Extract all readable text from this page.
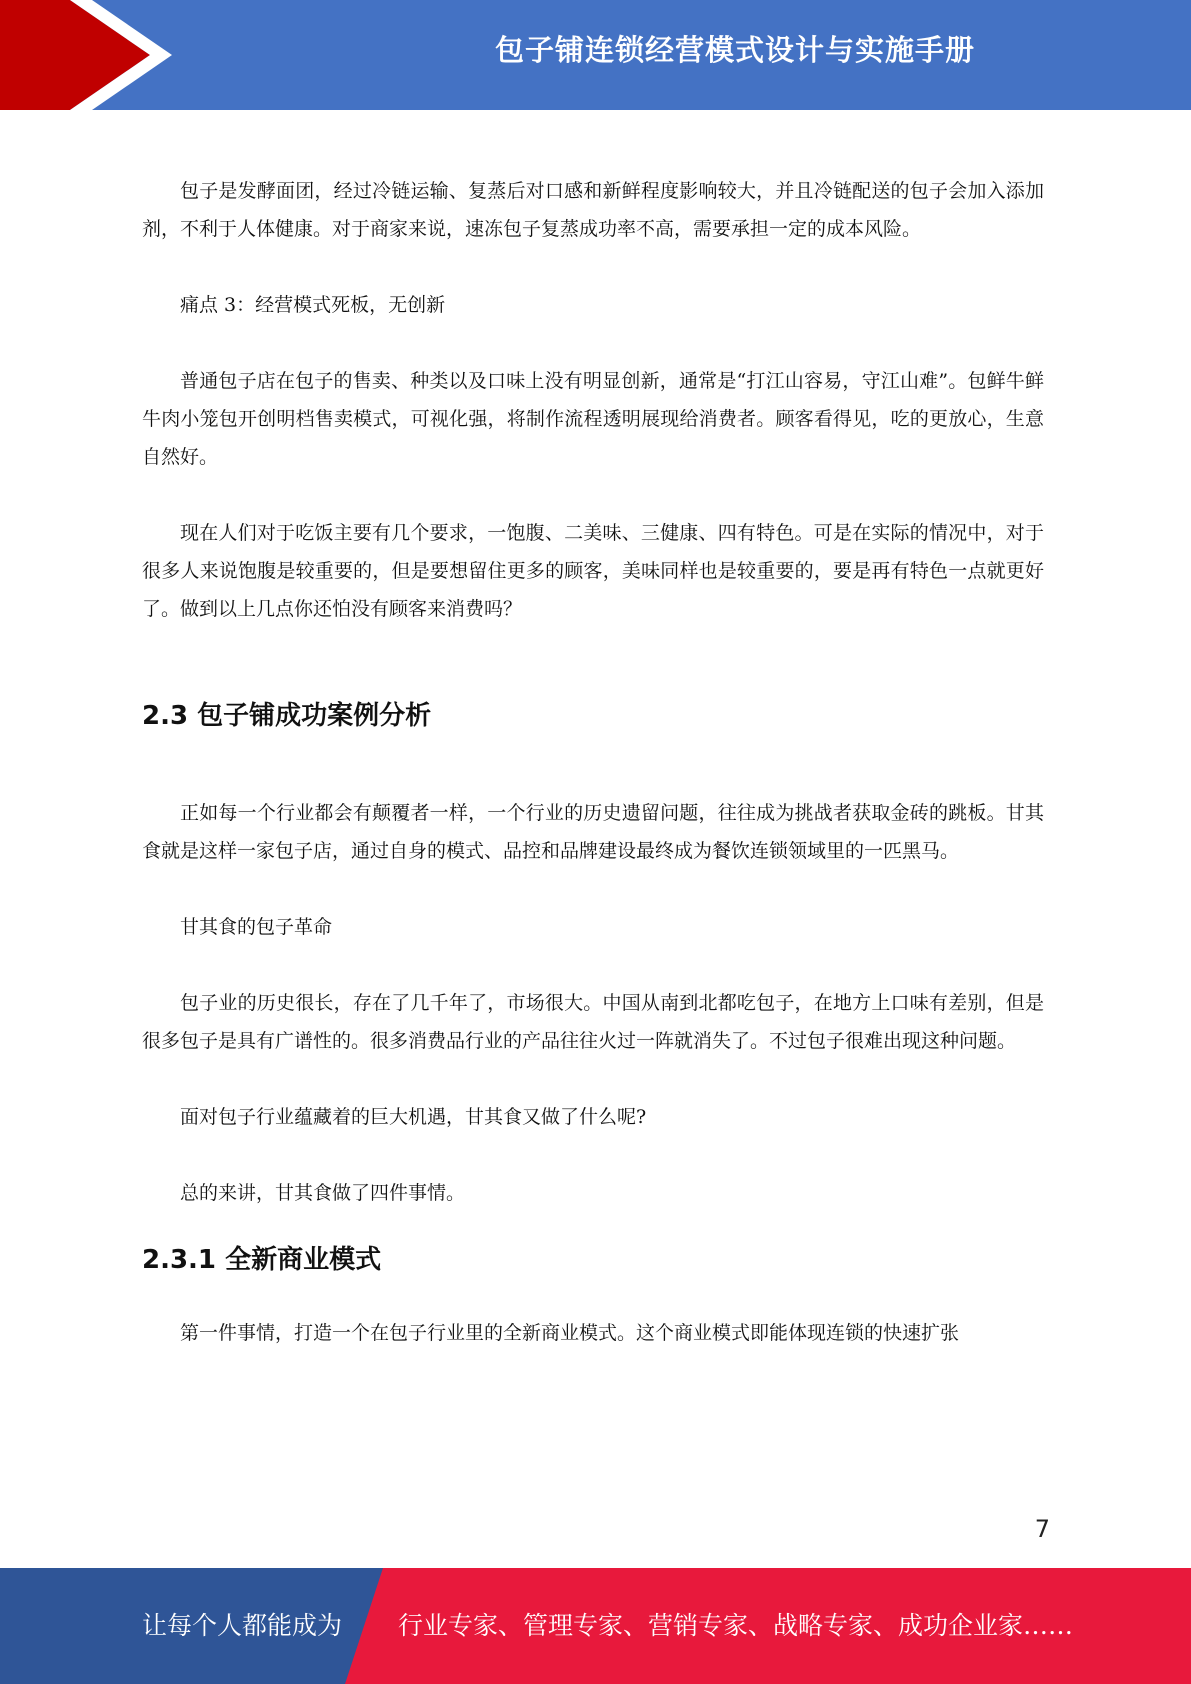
包子铺连锁经营模式设计与实施手册

包子是发酵面团，经过冷链运输、复蒸后对口感和新鲜程度影响较大，并且冷链配送的包子会加入添加剂，不利于人体健康。对于商家来说，速冻包子复蒸成功率不高，需要承担一定的成本风险。

痛点 3：经营模式死板，无创新

普通包子店在包子的售卖、种类以及口味上没有明显创新，通常是“打江山容易，守江山难”。包鲜牛鲜牛肉小笼包开创明档售卖模式，可视化强，将制作流程透明展现给消费者。顾客看得见，吃的更放心，生意自然好。

现在人们对于吃饭主要有几个要求，一饱腹、二美味、三健康、四有特色。可是在实际的情况中，对于很多人来说饱腹是较重要的，但是要想留住更多的顾客，美味同样也是较重要的，要是再有特色一点就更好了。做到以上几点你还怕没有顾客来消费吗？

2.3 包子铺成功案例分析

正如每一个行业都会有颠覆者一样，一个行业的历史遗留问题，往往成为挑战者获取金砖的跳板。甘其食就是这样一家包子店，通过自身的模式、品控和品牌建设最终成为餐饮连锁领域里的一匹黑马。

甘其食的包子革命

包子业的历史很长，存在了几千年了，市场很大。中国从南到北都吃包子，在地方上口味有差别，但是很多包子是具有广谱性的。很多消费品行业的产品往往火过一阵就消失了。不过包子很难出现这种问题。

面对包子行业蕴藏着的巨大机遇，甘其食又做了什么呢?

总的来讲，甘其食做了四件事情。

2.3.1 全新商业模式

第一件事情，打造一个在包子行业里的全新商业模式。这个商业模式即能体现连锁的快速扩张

7
让每个人都能成为 行业专家、管理专家、营销专家、战略专家、成功企业家……
